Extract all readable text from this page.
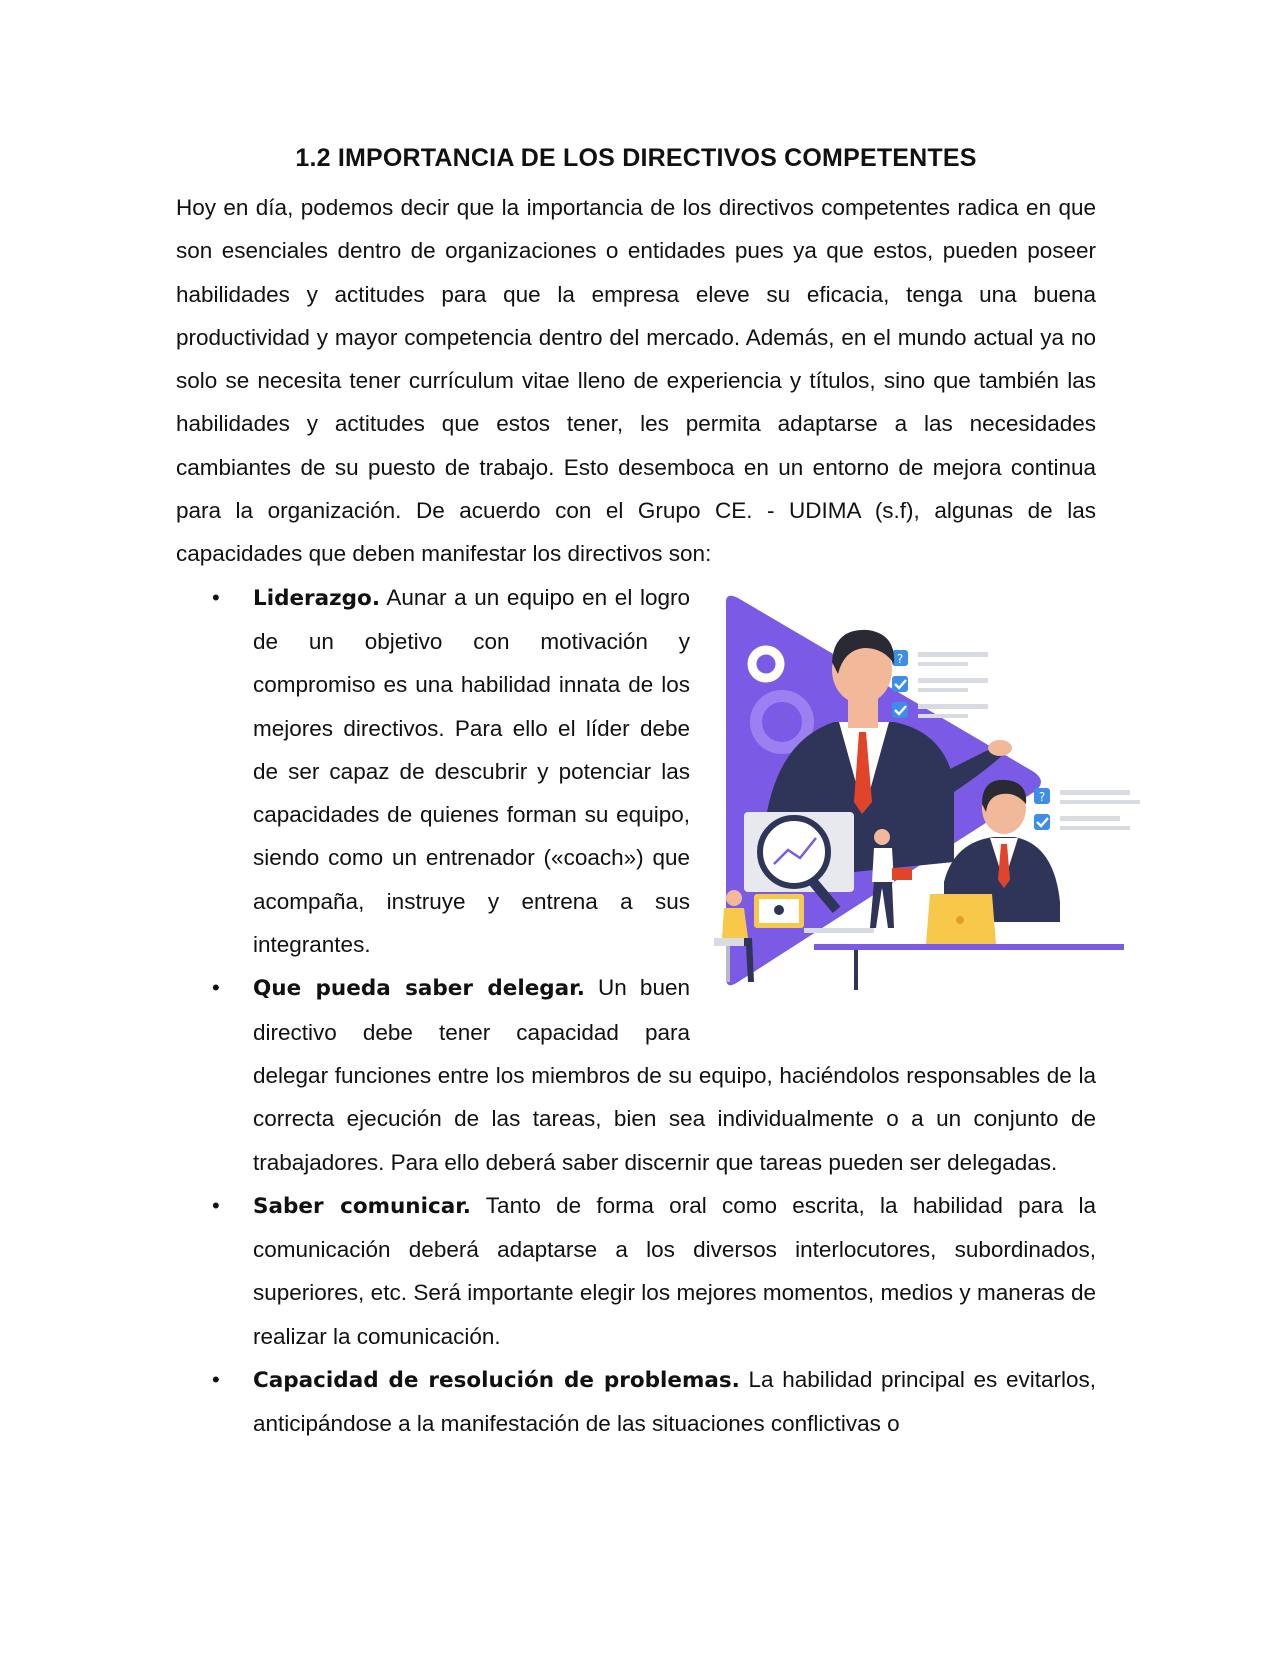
1.2 IMPORTANCIA DE LOS DIRECTIVOS COMPETENTES

Hoy en día, podemos decir que la importancia de los directivos competentes radica en que son esenciales dentro de organizaciones o entidades pues ya que estos, pueden poseer habilidades y actitudes para que la empresa eleve su eficacia, tenga una buena productividad y mayor competencia dentro del mercado. Además, en el mundo actual ya no solo se necesita tener currículum vitae lleno de experiencia y títulos, sino que también las habilidades y actitudes que estos tener, les permita adaptarse a las necesidades cambiantes de su puesto de trabajo. Esto desemboca en un entorno de mejora continua para la organización. De acuerdo con el Grupo CE. - UDIMA (s.f), algunas de las capacidades que deben manifestar los directivos son:

?
?
• Liderazgo. Aunar a un equipo en el logro de un objetivo con motivación y compromiso es una habilidad innata de los mejores directivos. Para ello el líder debe de ser capaz de descubrir y potenciar las capacidades de quienes forman su equipo, siendo como un entrenador («coach») que acompaña, instruye y entrena a sus integrantes.
• Que pueda saber delegar. Un buen directivo debe tener capacidad para delegar funciones entre los miembros de su equipo, haciéndolos responsables de la correcta ejecución de las tareas, bien sea individualmente o a un conjunto de trabajadores. Para ello deberá saber discernir que tareas pueden ser delegadas.
• Saber comunicar. Tanto de forma oral como escrita, la habilidad para la comunicación deberá adaptarse a los diversos interlocutores, subordinados, superiores, etc. Será importante elegir los mejores momentos, medios y maneras de realizar la comunicación.
• Capacidad de resolución de problemas. La habilidad principal es evitarlos, anticipándose a la manifestación de las situaciones conflictivas o
